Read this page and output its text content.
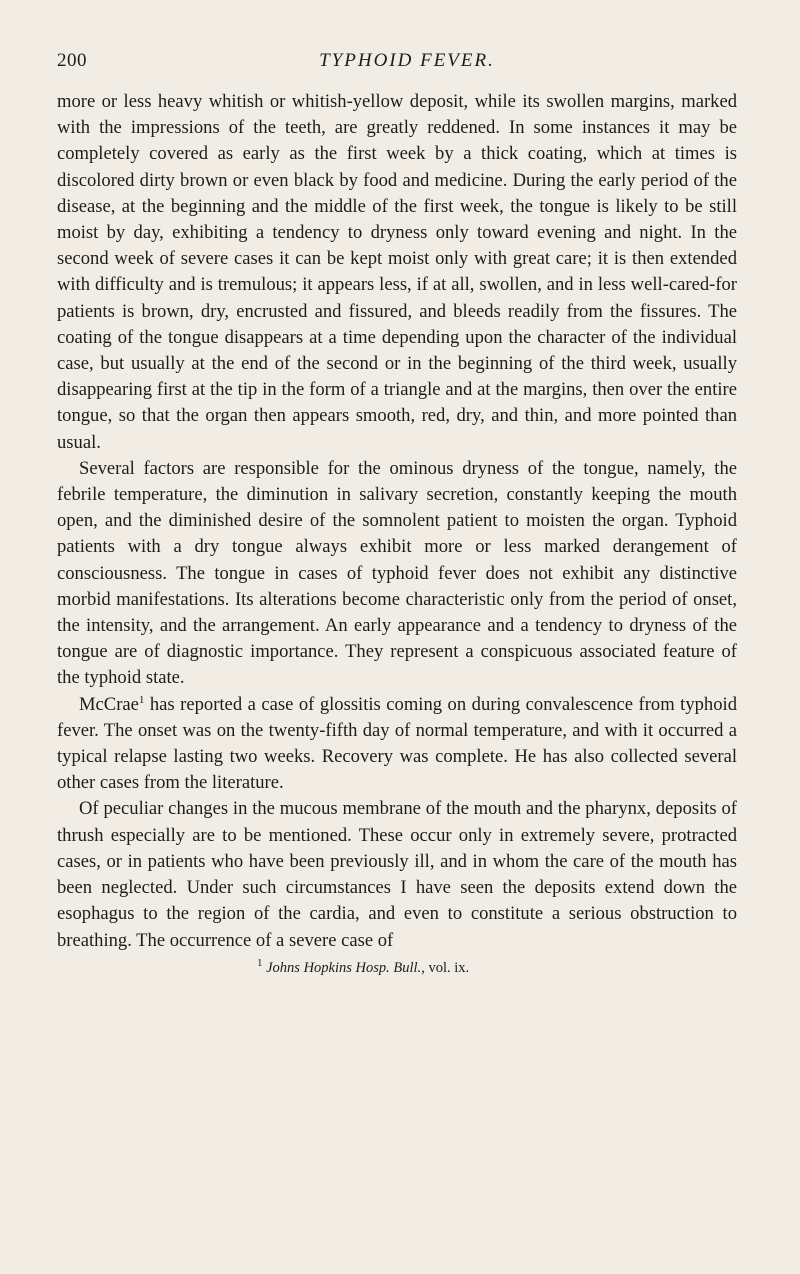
200	TYPHOID FEVER.

more or less heavy whitish or whitish-yellow deposit, while its swollen margins, marked with the impressions of the teeth, are greatly reddened. In some instances it may be completely covered as early as the first week by a thick coating, which at times is discolored dirty brown or even black by food and medicine. During the early period of the disease, at the beginning and the middle of the first week, the tongue is likely to be still moist by day, exhibiting a tendency to dryness only toward evening and night. In the second week of severe cases it can be kept moist only with great care; it is then extended with difficulty and is tremulous; it appears less, if at all, swollen, and in less well-cared-for patients is brown, dry, encrusted and fissured, and bleeds readily from the fissures. The coating of the tongue disappears at a time depending upon the character of the individual case, but usually at the end of the second or in the beginning of the third week, usually disappearing first at the tip in the form of a triangle and at the margins, then over the entire tongue, so that the organ then appears smooth, red, dry, and thin, and more pointed than usual.

Several factors are responsible for the ominous dryness of the tongue, namely, the febrile temperature, the diminution in salivary secretion, constantly keeping the mouth open, and the diminished desire of the somnolent patient to moisten the organ. Typhoid patients with a dry tongue always exhibit more or less marked derangement of consciousness. The tongue in cases of typhoid fever does not exhibit any distinctive morbid manifestations. Its alterations become characteristic only from the period of onset, the intensity, and the arrangement. An early appearance and a tendency to dryness of the tongue are of diagnostic importance. They represent a conspicuous associated feature of the typhoid state.

McCrae$^1$ has reported a case of glossitis coming on during convalescence from typhoid fever. The onset was on the twenty-fifth day of normal temperature, and with it occurred a typical relapse lasting two weeks. Recovery was complete. He has also collected several other cases from the literature.

Of peculiar changes in the mucous membrane of the mouth and the pharynx, deposits of thrush especially are to be mentioned. These occur only in extremely severe, protracted cases, or in patients who have been previously ill, and in whom the care of the mouth has been neglected. Under such circumstances I have seen the deposits extend down the esophagus to the region of the cardia, and even to constitute a serious obstruction to breathing. The occurrence of a severe case of

$^1$ Johns Hopkins Hosp. Bull., vol. ix.
